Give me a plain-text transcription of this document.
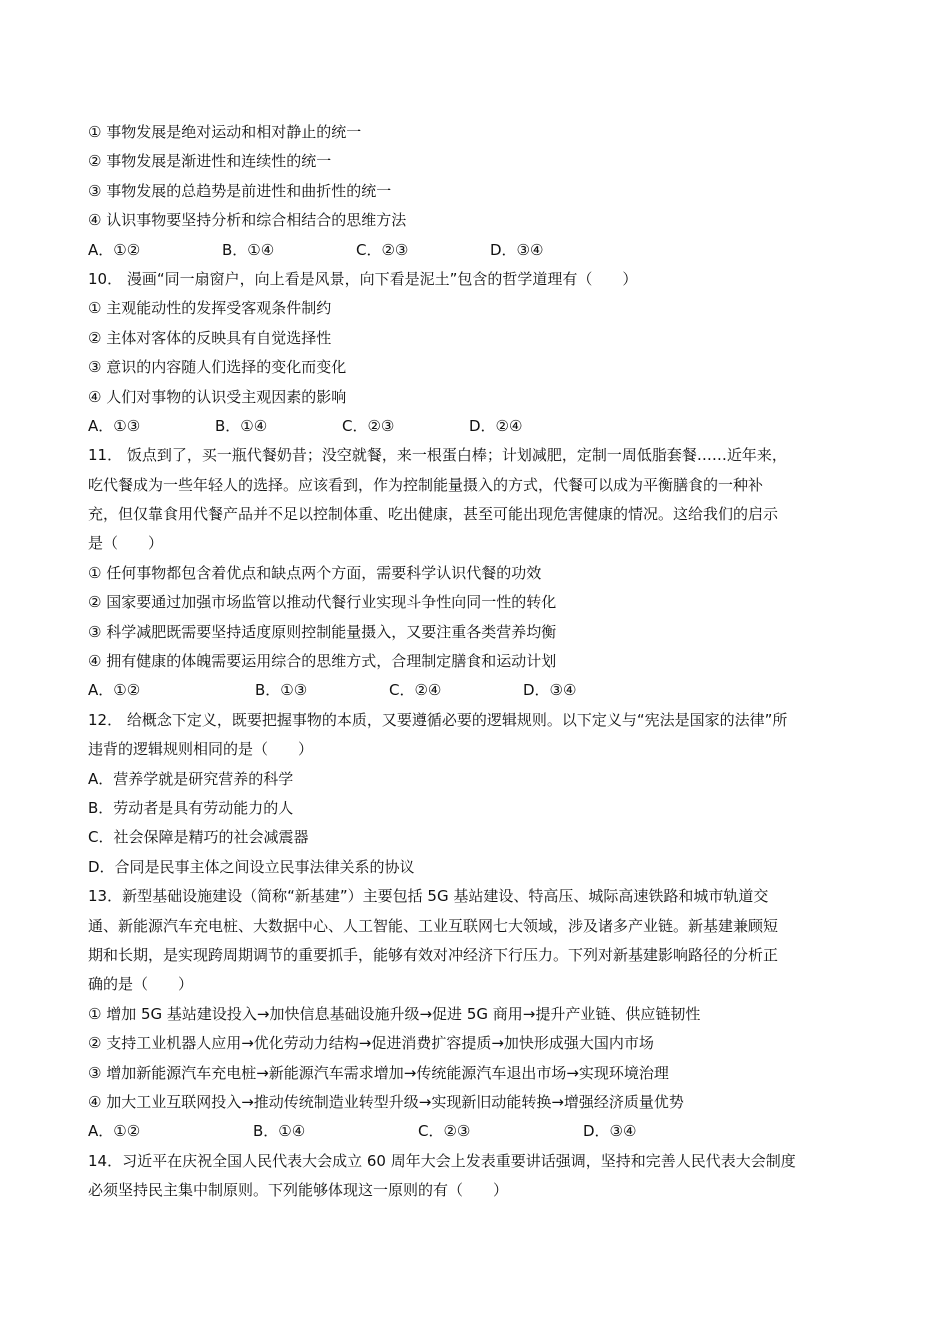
① 事物发展是绝对运动和相对静止的统一
② 事物发展是渐进性和连续性的统一
③ 事物发展的总趋势是前进性和曲折性的统一
④ 认识事物要坚持分析和综合相结合的思维方法
A．①②	B．①④	C．②③	D．③④
10． 漫画“同一扇窗户，向上看是风景，向下看是泥土”包含的哲学道理有（　　）
① 主观能动性的发挥受客观条件制约
② 主体对客体的反映具有自觉选择性
③ 意识的内容随人们选择的变化而变化
④ 人们对事物的认识受主观因素的影响
A．①③	B．①④	C．②③	D．②④
11． 饭点到了，买一瓶代餐奶昔；没空就餐，来一根蛋白棒；计划减肥，定制一周低脂套餐……近年来，
吃代餐成为一些年轻人的选择。应该看到，作为控制能量摄入的方式，代餐可以成为平衡膳食的一种补
充，但仅靠食用代餐产品并不足以控制体重、吃出健康，甚至可能出现危害健康的情况。这给我们的启示
是（　　）
① 任何事物都包含着优点和缺点两个方面，需要科学认识代餐的功效
② 国家要通过加强市场监管以推动代餐行业实现斗争性向同一性的转化
③ 科学减肥既需要坚持适度原则控制能量摄入，又要注重各类营养均衡
④ 拥有健康的体魄需要运用综合的思维方式，合理制定膳食和运动计划
A．①②	B．①③	C．②④	D．③④
12． 给概念下定义，既要把握事物的本质，又要遵循必要的逻辑规则。以下定义与“宪法是国家的法律”所
违背的逻辑规则相同的是（　　）
A．营养学就是研究营养的科学
B．劳动者是具有劳动能力的人
C．社会保障是精巧的社会减震器
D．合同是民事主体之间设立民事法律关系的协议
13．新型基础设施建设（简称“新基建”）主要包括 5G 基站建设、特高压、城际高速铁路和城市轨道交
通、新能源汽车充电桩、大数据中心、人工智能、工业互联网七大领域，涉及诸多产业链。新基建兼顾短
期和长期，是实现跨周期调节的重要抓手，能够有效对冲经济下行压力。下列对新基建影响路径的分析正
确的是（　　）
① 增加 5G 基站建设投入→加快信息基础设施升级→促进 5G 商用→提升产业链、供应链韧性
② 支持工业机器人应用→优化劳动力结构→促进消费扩容提质→加快形成强大国内市场
③ 增加新能源汽车充电桩→新能源汽车需求增加→传统能源汽车退出市场→实现环境治理
④ 加大工业互联网投入→推动传统制造业转型升级→实现新旧动能转换→增强经济质量优势
A．①②	B．①④	C．②③	D．③④
14．习近平在庆祝全国人民代表大会成立 60 周年大会上发表重要讲话强调，坚持和完善人民代表大会制度
必须坚持民主集中制原则。下列能够体现这一原则的有（　　）
